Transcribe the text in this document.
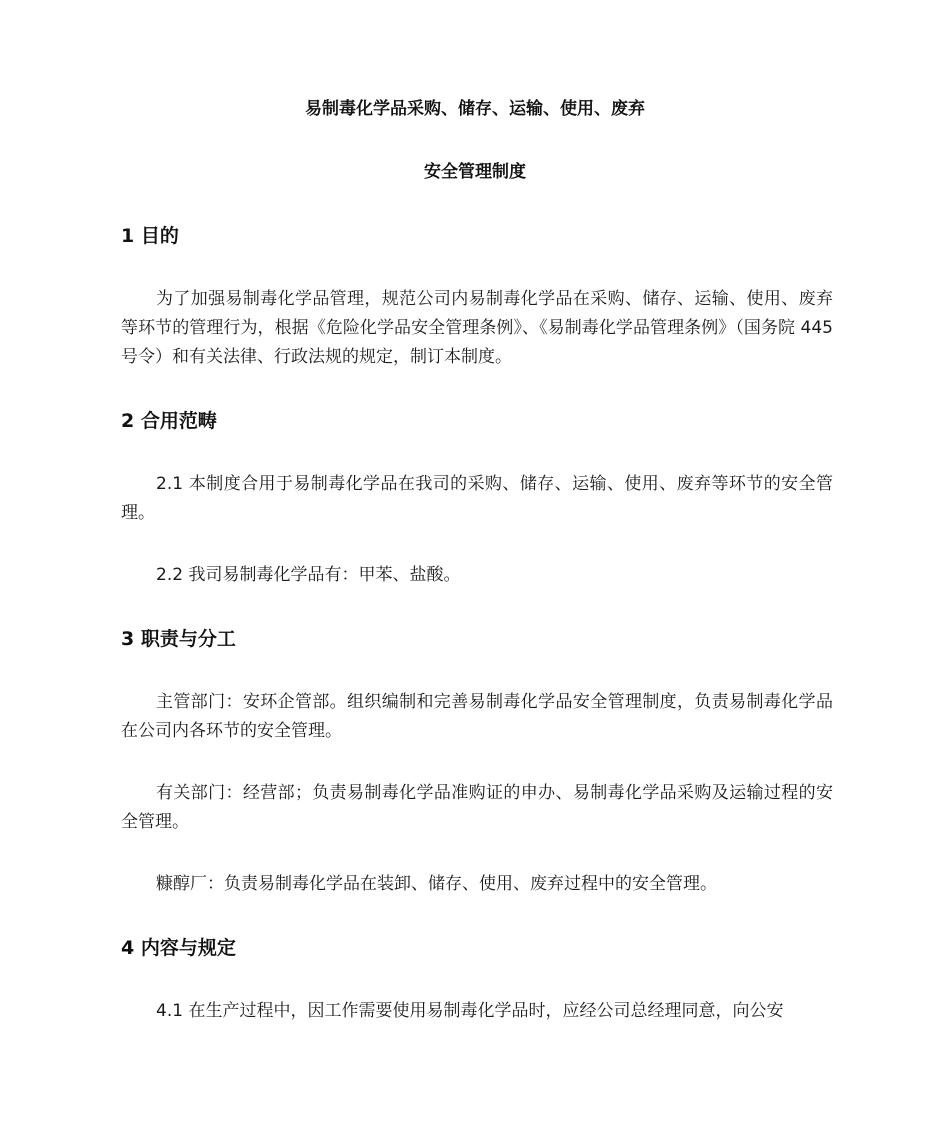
易制毒化学品采购、储存、运输、使用、废弃
安全管理制度
1 目的

为了加强易制毒化学品管理，规范公司内易制毒化学品在采购、储存、运输、使用、废弃等环节的管理行为，根据《危险化学品安全管理条例》、《易制毒化学品管理条例》（国务院 445 号令）和有关法律、行政法规的规定，制订本制度。

2 合用范畴

2.1 本制度合用于易制毒化学品在我司的采购、储存、运输、使用、废弃等环节的安全管理。

2.2 我司易制毒化学品有：甲苯、盐酸。

3 职责与分工

主管部门：安环企管部。组织编制和完善易制毒化学品安全管理制度，负责易制毒化学品在公司内各环节的安全管理。

有关部门：经营部；负责易制毒化学品准购证的申办、易制毒化学品采购及运输过程的安全管理。

糠醇厂：负责易制毒化学品在装卸、储存、使用、废弃过程中的安全管理。

4 内容与规定

4.1 在生产过程中，因工作需要使用易制毒化学品时，应经公司总经理同意，向公安
